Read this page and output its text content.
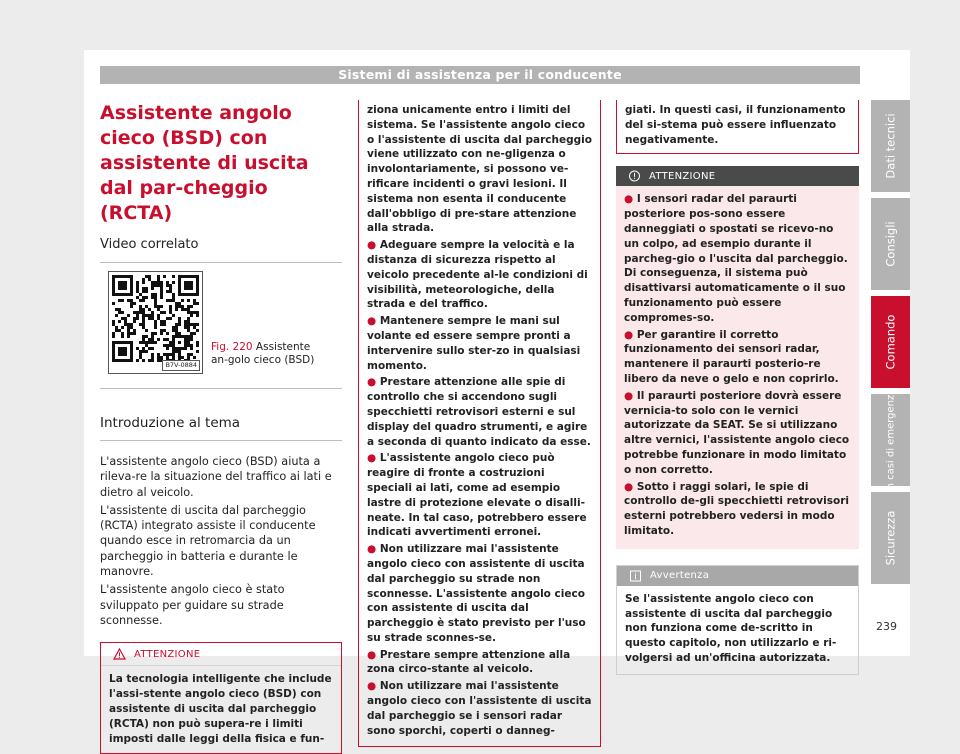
Sistemi di assistenza per il conducente
Assistente angolo cieco (BSD) con assistente di uscita dal par-cheggio (RCTA)
Video correlato
B7V-0884
Fig. 220 Assistente an-golo cieco (BSD)
Introduzione al tema

L'assistente angolo cieco (BSD) aiuta a rileva-re la situazione del traffico ai lati e dietro al veicolo.

L'assistente di uscita dal parcheggio (RCTA) integrato assiste il conducente quando esce in retromarcia da un parcheggio in batteria e durante le manovre.

L'assistente angolo cieco è stato sviluppato per guidare su strade sconnesse.

ATTENZIONE
La tecnologia intelligente che include l'assi-stente angolo cieco (BSD) con assistente di uscita dal parcheggio (RCTA) non può supera-re i limiti imposti dalle leggi della fisica e fun-

ziona unicamente entro i limiti del sistema. Se l'assistente angolo cieco o l'assistente di uscita dal parcheggio viene utilizzato con ne-gligenza o involontariamente, si possono ve-rificare incidenti o gravi lesioni. Il sistema non esenta il conducente dall'obbligo di pre-stare attenzione alla strada.

● Adeguare sempre la velocità e la distanza di sicurezza rispetto al veicolo precedente al-le condizioni di visibilità, meteorologiche, della strada e del traffico.

● Mantenere sempre le mani sul volante ed essere sempre pronti a intervenire sullo ster-zo in qualsiasi momento.

● Prestare attenzione alle spie di controllo che si accendono sugli specchietti retrovisori esterni e sul display del quadro strumenti, e agire a seconda di quanto indicato da esse.

● L'assistente angolo cieco può reagire di fronte a costruzioni speciali ai lati, come ad esempio lastre di protezione elevate o disalli-neate. In tal caso, potrebbero essere indicati avvertimenti erronei.

● Non utilizzare mai l'assistente angolo cieco con assistente di uscita dal parcheggio su strade non sconnesse. L'assistente angolo cieco con assistente di uscita dal parcheggio è stato previsto per l'uso su strade sconnes-se.

● Prestare sempre attenzione alla zona circo-stante al veicolo.

● Non utilizzare mai l'assistente angolo cieco con l'assistente di uscita dal parcheggio se i sensori radar sono sporchi, coperti o danneg-

giati. In questi casi, il funzionamento del si-stema può essere influenzato negativamente.
ATTENZIONE

● I sensori radar del paraurti posteriore pos-sono essere danneggiati o spostati se ricevo-no un colpo, ad esempio durante il parcheg-gio o l'uscita dal parcheggio. Di conseguenza, il sistema può disattivarsi automaticamente o il suo funzionamento può essere compromes-so.

● Per garantire il corretto funzionamento dei sensori radar, mantenere il paraurti posterio-re libero da neve o gelo e non coprirlo.

● Il paraurti posteriore dovrà essere vernicia-to solo con le vernici autorizzate da SEAT. Se si utilizzano altre vernici, l'assistente angolo cieco potrebbe funzionare in modo limitato o non corretto.

● Sotto i raggi solari, le spie di controllo de-gli specchietti retrovisori esterni potrebbero vedersi in modo limitato.

Avvertenza
Se l'assistente angolo cieco con assistente di uscita dal parcheggio non funziona come de-scritto in questo capitolo, non utilizzarlo e ri-volgersi ad un'officina autorizzata.
Dati tecnici
Consigli
Comando
In casi di emergenza
Sicurezza
239
